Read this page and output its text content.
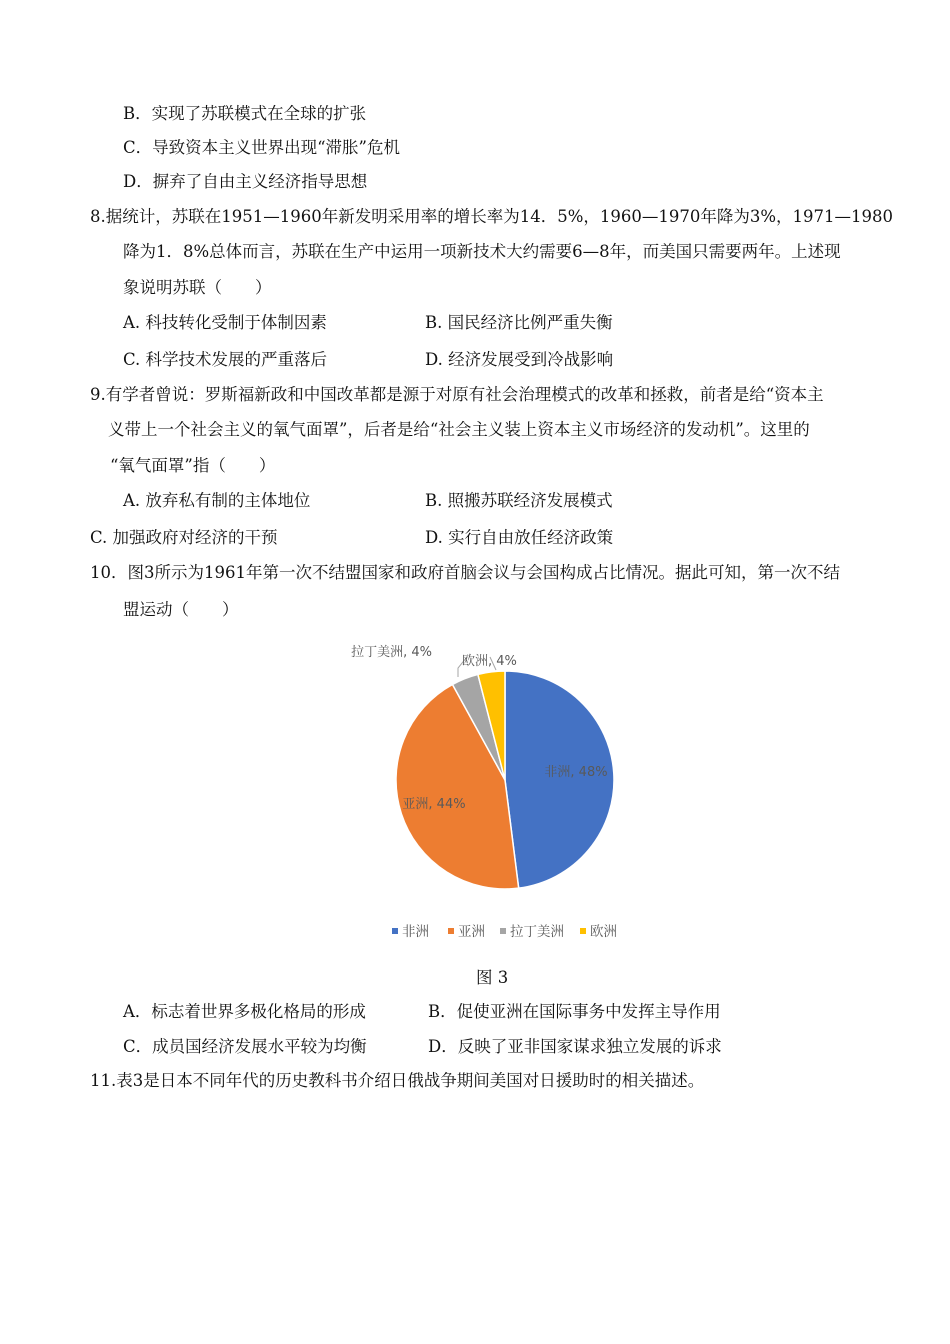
B．实现了苏联模式在全球的扩张
C．导致资本主义世界出现“滞胀”危机
D．摒弃了自由主义经济指导思想
8.据统计，苏联在1951—1960年新发明采用率的增长率为14．5%，1960—1970年降为3%，1971—1980
降为1．8%总体而言，苏联在生产中运用一项新技术大约需要6—8年，而美国只需要两年。上述现
象说明苏联（　　）
A. 科技转化受制于体制因素	B. 国民经济比例严重失衡
C. 科学技术发展的严重落后	D. 经济发展受到冷战影响
9.有学者曾说：罗斯福新政和中国改革都是源于对原有社会治理模式的改革和拯救，前者是给“资本主
义带上一个社会主义的氧气面罩”，后者是给“社会主义装上资本主义市场经济的发动机”。这里的
“氧气面罩”指（　　）
A. 放弃私有制的主体地位	B. 照搬苏联经济发展模式
C. 加强政府对经济的干预	D. 实行自由放任经济政策
10．图3所示为1961年第一次不结盟国家和政府首脑会议与会国构成占比情况。据此可知，第一次不结
盟运动（　　）
非洲, 48%
亚洲, 44%
拉丁美洲, 4%
欧洲, 4%
非洲 亚洲 拉丁美洲 欧洲
图 3
A．标志着世界多极化格局的形成	B．促使亚洲在国际事务中发挥主导作用
C．成员国经济发展水平较为均衡	D．反映了亚非国家谋求独立发展的诉求
11.表3是日本不同年代的历史教科书介绍日俄战争期间美国对日援助时的相关描述。
